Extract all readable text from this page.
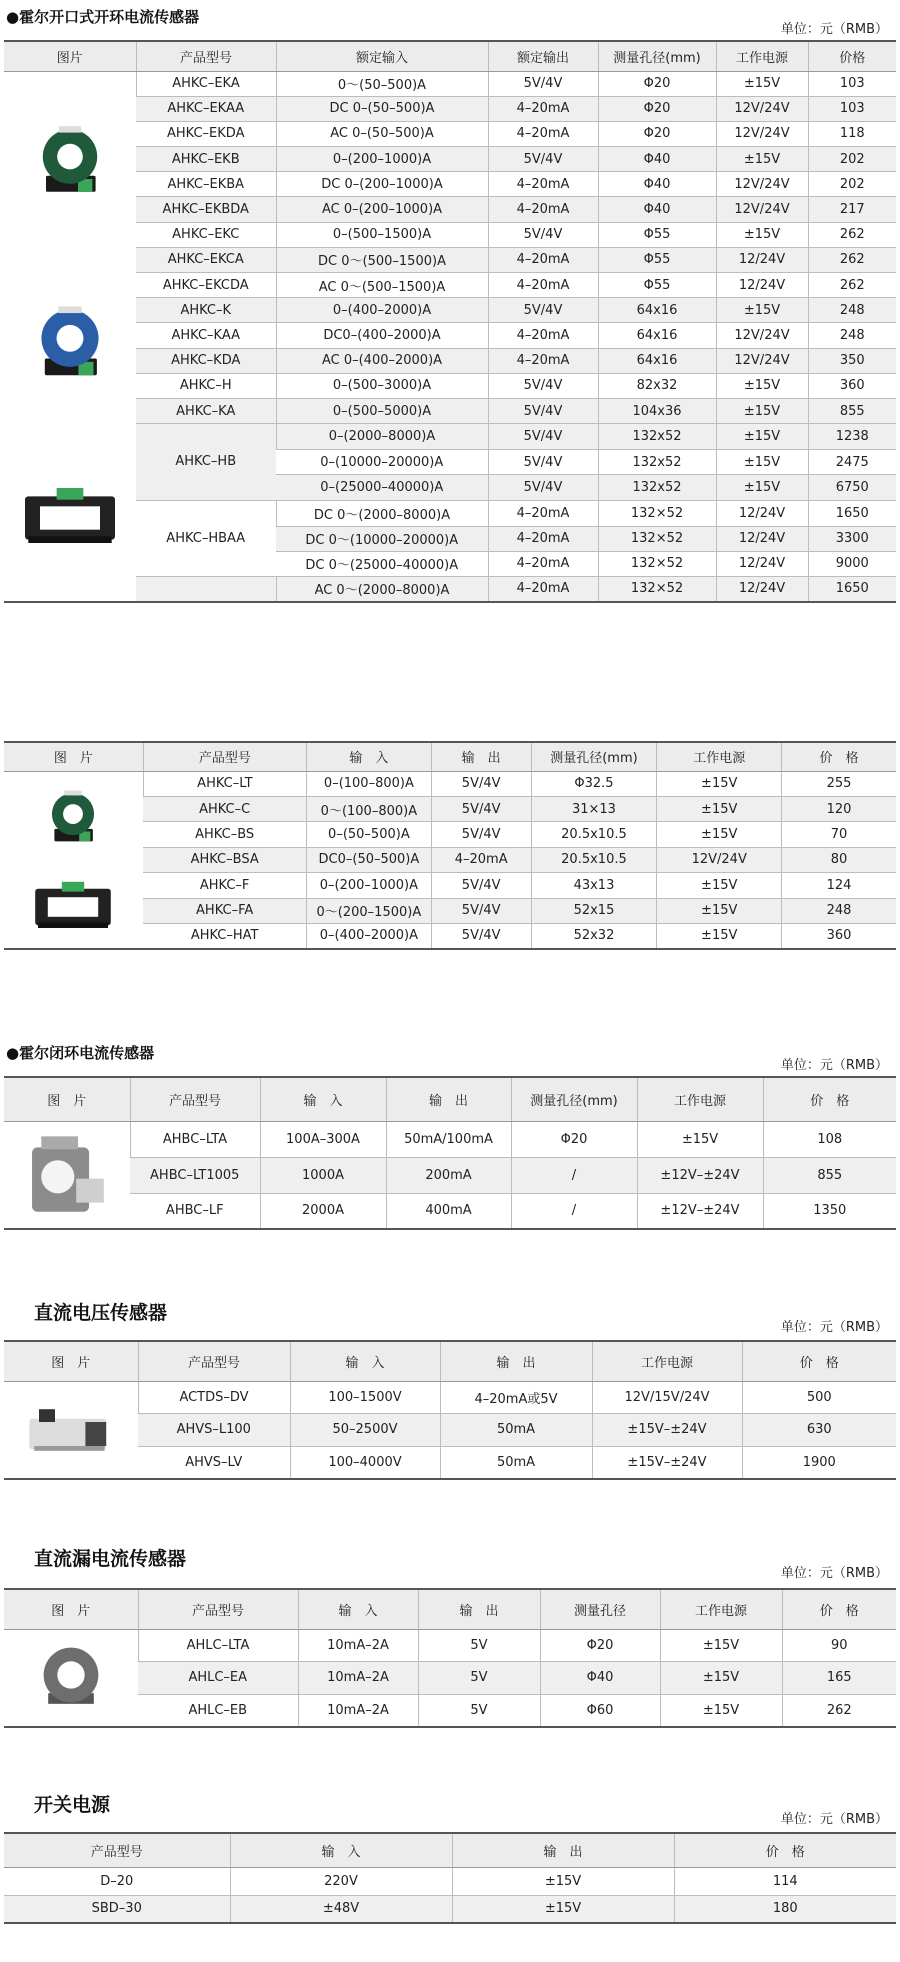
●霍尔开口式开环电流传感器
单位：元（RMB）
图片	产品型号	额定输入	额定输出	测量孔径(mm)	工作电源	价格

	AHKC–EKA	0～(50–500)A	5V/4V	Φ20	±15V	103
	AHKC–EKAA	DC 0–(50–500)A	4–20mA	Φ20	12V/24V	103
	AHKC–EKDA	AC 0–(50–500)A	4–20mA	Φ20	12V/24V	118
	AHKC–EKB	0–(200–1000)A	5V/4V	Φ40	±15V	202
	AHKC–EKBA	DC 0–(200–1000)A	4–20mA	Φ40	12V/24V	202
	AHKC–EKBDA	AC 0–(200–1000)A	4–20mA	Φ40	12V/24V	217
	AHKC–EKC	0–(500–1500)A	5V/4V	Φ55	±15V	262
	AHKC–EKCA	DC 0～(500–1500)A	4–20mA	Φ55	12/24V	262
	AHKC–EKCDA	AC 0～(500–1500)A	4–20mA	Φ55	12/24V	262
	AHKC–K	0–(400–2000)A	5V/4V	64x16	±15V	248
	AHKC–KAA	DC0–(400–2000)A	4–20mA	64x16	12V/24V	248
	AHKC–KDA	AC 0–(400–2000)A	4–20mA	64x16	12V/24V	350
	AHKC–H	0–(500–3000)A	5V/4V	82x32	±15V	360
	AHKC–KA	0–(500–5000)A	5V/4V	104x36	±15V	855
	AHKC–HB	0–(2000–8000)A	5V/4V	132x52	±15V	1238
		0–(10000–20000)A	5V/4V	132x52	±15V	2475
		0–(25000–40000)A	5V/4V	132x52	±15V	6750
	AHKC–HBAA	DC 0～(2000–8000)A	4–20mA	132×52	12/24V	1650
		DC 0～(10000–20000)A	4–20mA	132×52	12/24V	3300
		DC 0～(25000–40000)A	4–20mA	132×52	12/24V	9000
		AC 0～(2000–8000)A	4–20mA	132×52	12/24V	1650
图　片	产品型号	输　入	输　出	测量孔径(mm)	工作电源	价　格

	AHKC–LT	0–(100–800)A	5V/4V	Φ32.5	±15V	255
	AHKC–C	0～(100–800)A	5V/4V	31×13	±15V	120
	AHKC–BS	0–(50–500)A	5V/4V	20.5x10.5	±15V	70
	AHKC–BSA	DC0–(50–500)A	4–20mA	20.5x10.5	12V/24V	80
	AHKC–F	0–(200–1000)A	5V/4V	43x13	±15V	124
	AHKC–FA	0～(200–1500)A	5V/4V	52x15	±15V	248
	AHKC–HAT	0–(400–2000)A	5V/4V	52x32	±15V	360
●霍尔闭环电流传感器
单位：元（RMB）
图　片	产品型号	输　入	输　出	测量孔径(mm)	工作电源	价　格

	AHBC–LTA	100A–300A	50mA/100mA	Φ20	±15V	108
	AHBC–LT1005	1000A	200mA	/	±12V–±24V	855
	AHBC–LF	2000A	400mA	/	±12V–±24V	1350
直流电压传感器
单位：元（RMB）
图　片	产品型号	输　入	输　出	工作电源	价　格

	ACTDS–DV	100–1500V	4–20mA或5V	12V/15V/24V	500
	AHVS–L100	50–2500V	50mA	±15V–±24V	630
	AHVS–LV	100–4000V	50mA	±15V–±24V	1900
直流漏电流传感器
单位：元（RMB）
图　片	产品型号	输　入	输　出	测量孔径	工作电源	价　格

	AHLC–LTA	10mA–2A	5V	Φ20	±15V	90
	AHLC–EA	10mA–2A	5V	Φ40	±15V	165
	AHLC–EB	10mA–2A	5V	Φ60	±15V	262
开关电源
单位：元（RMB）
产品型号	输　入	输　出	价　格
D–20	220V	±15V	114
SBD–30	±48V	±15V	180
